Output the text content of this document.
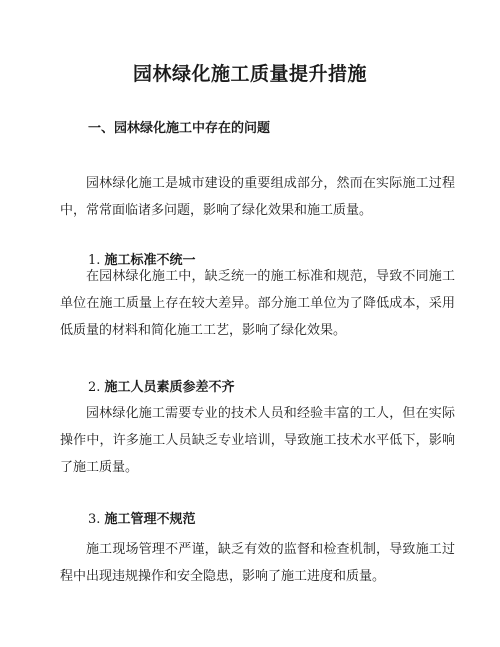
园林绿化施工质量提升措施
一、园林绿化施工中存在的问题
园林绿化施工是城市建设的重要组成部分，然而在实际施工过程中，常常面临诸多问题，影响了绿化效果和施工质量。
1. 施工标准不统一
在园林绿化施工中，缺乏统一的施工标准和规范，导致不同施工单位在施工质量上存在较大差异。部分施工单位为了降低成本，采用低质量的材料和简化施工工艺，影响了绿化效果。
2. 施工人员素质参差不齐
园林绿化施工需要专业的技术人员和经验丰富的工人，但在实际操作中，许多施工人员缺乏专业培训，导致施工技术水平低下，影响了施工质量。
3. 施工管理不规范
施工现场管理不严谨，缺乏有效的监督和检查机制，导致施工过程中出现违规操作和安全隐患，影响了施工进度和质量。
